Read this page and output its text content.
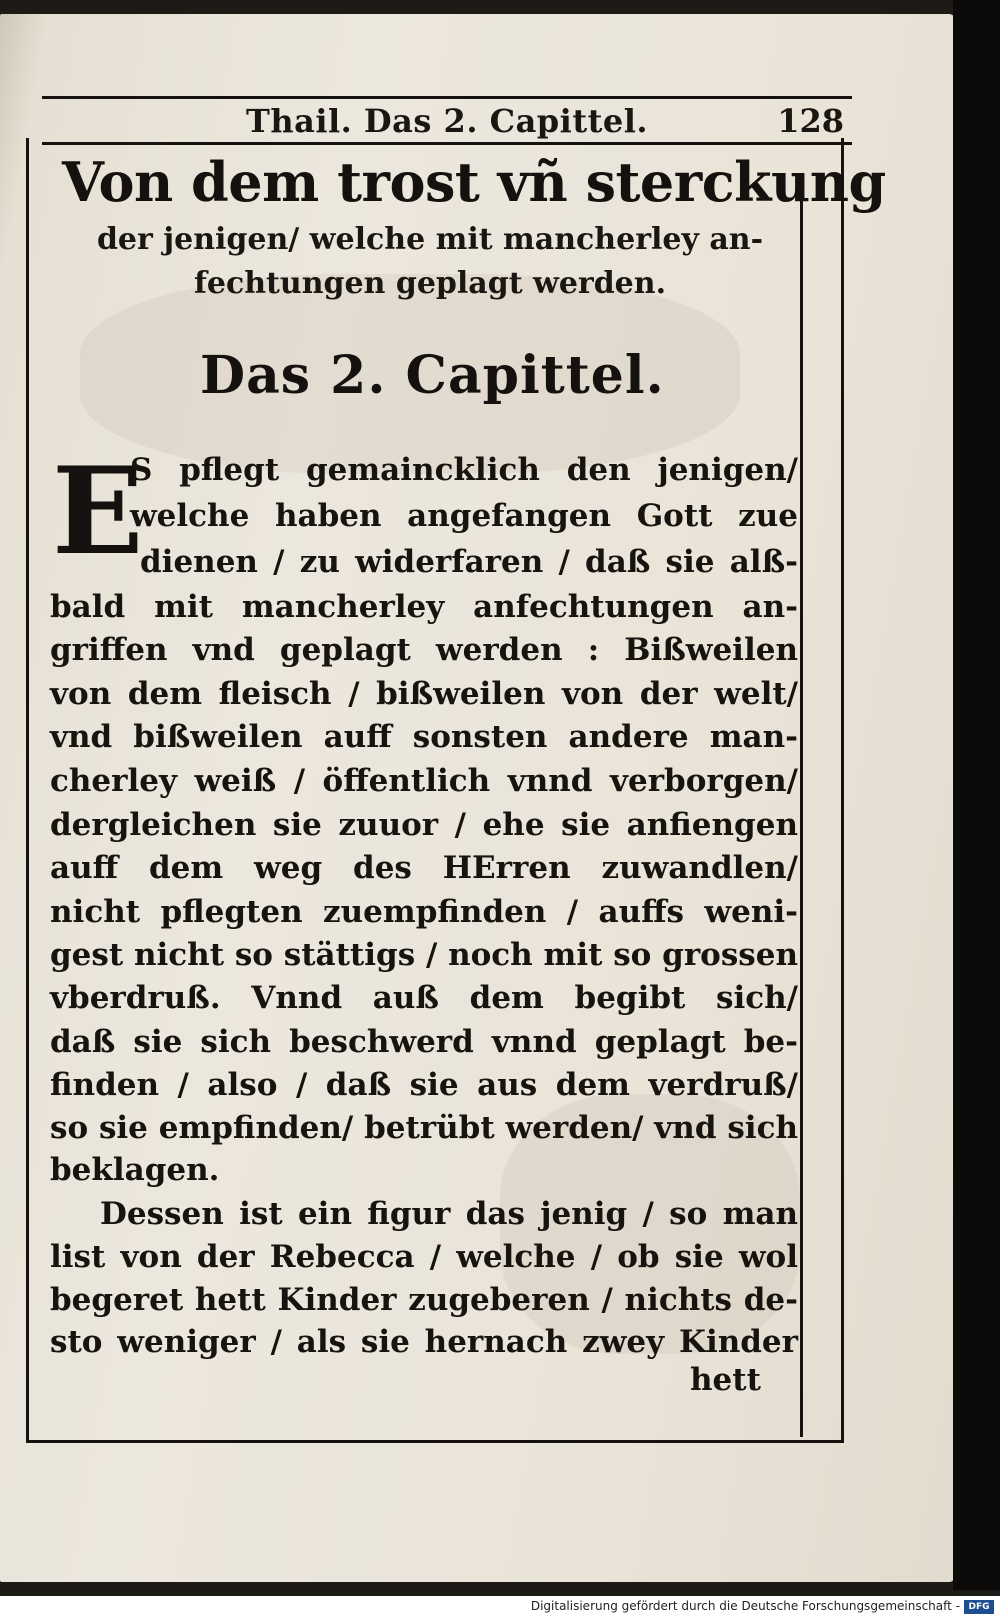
Thail. Das 2. Capittel.	128
Von dem trost vñ sterckung
der jenigen/ welche mit mancherley an-
fechtungen geplagt werden.
Das 2. Capittel.
E
S pflegt gemaincklich den jenigen/
welche haben angefangen Gott zue
dienen / zu widerfaren / daß sie alß-
bald mit mancherley anfechtungen an-
griffen vnd geplagt werden : Bißweilen
von dem fleisch / bißweilen von der welt/
vnd bißweilen auff sonsten andere man-
cherley weiß / öffentlich vnnd verborgen/
dergleichen sie zuuor / ehe sie anfiengen
auff dem weg des HErren zuwandlen/
nicht pflegten zuempfinden / auffs weni-
gest nicht so stättigs / noch mit so grossen
vberdruß. Vnnd auß dem begibt sich/
daß sie sich beschwerd vnnd geplagt be-
finden / also / daß sie aus dem verdruß/
so sie empfinden/ betrübt werden/ vnd sich
beklagen.
Dessen ist ein figur das jenig / so man
list von der Rebecca / welche / ob sie wol
begeret hett Kinder zugeberen / nichts de-
sto weniger / als sie hernach zwey Kinder
hett
Digitalisierung gefördert durch die Deutsche Forschungsgemeinschaft - DFG
